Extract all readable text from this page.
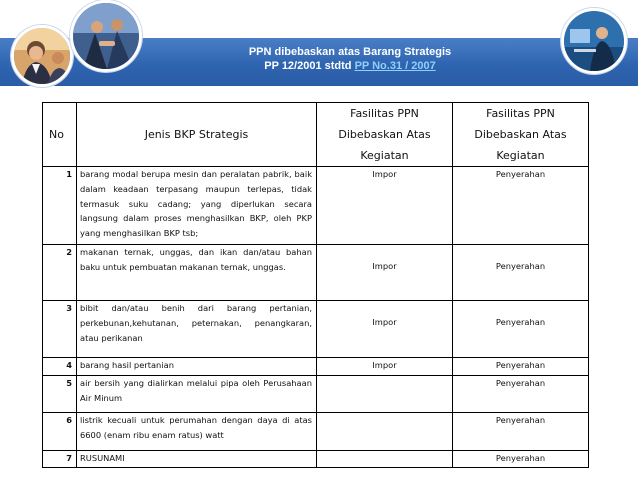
PPN dibebaskan atas Barang Strategis
PP 12/2001 stdtd PP No.31 / 2007
No	Jenis BKP Strategis	Fasilitas PPN Dibebaskan Atas Kegiatan	Fasilitas PPN Dibebaskan Atas Kegiatan
1	barang modal berupa mesin dan peralatan pabrik, baik dalam keadaan terpasang maupun terlepas, tidak termasuk suku cadang; yang diperlukan secara langsung dalam proses menghasilkan BKP, oleh PKP yang menghasilkan BKP tsb;	Impor	Penyerahan

2	makanan ternak, unggas, dan ikan dan/atau bahan baku untuk pembuatan makanan ternak, unggas.	Impor	Penyerahan

3	bibit dan/atau benih dari barang pertanian, perkebunan,kehutanan, peternakan, penangkaran, atau perikanan	Impor	Penyerahan

4	barang hasil pertanian	Impor	Penyerahan

5	air bersih yang dialirkan melalui pipa oleh Perusahaan Air Minum		Penyerahan

6	listrik kecuali untuk perumahan dengan daya di atas 6600 (enam ribu enam ratus) watt		Penyerahan

7	RUSUNAMI		Penyerahan
